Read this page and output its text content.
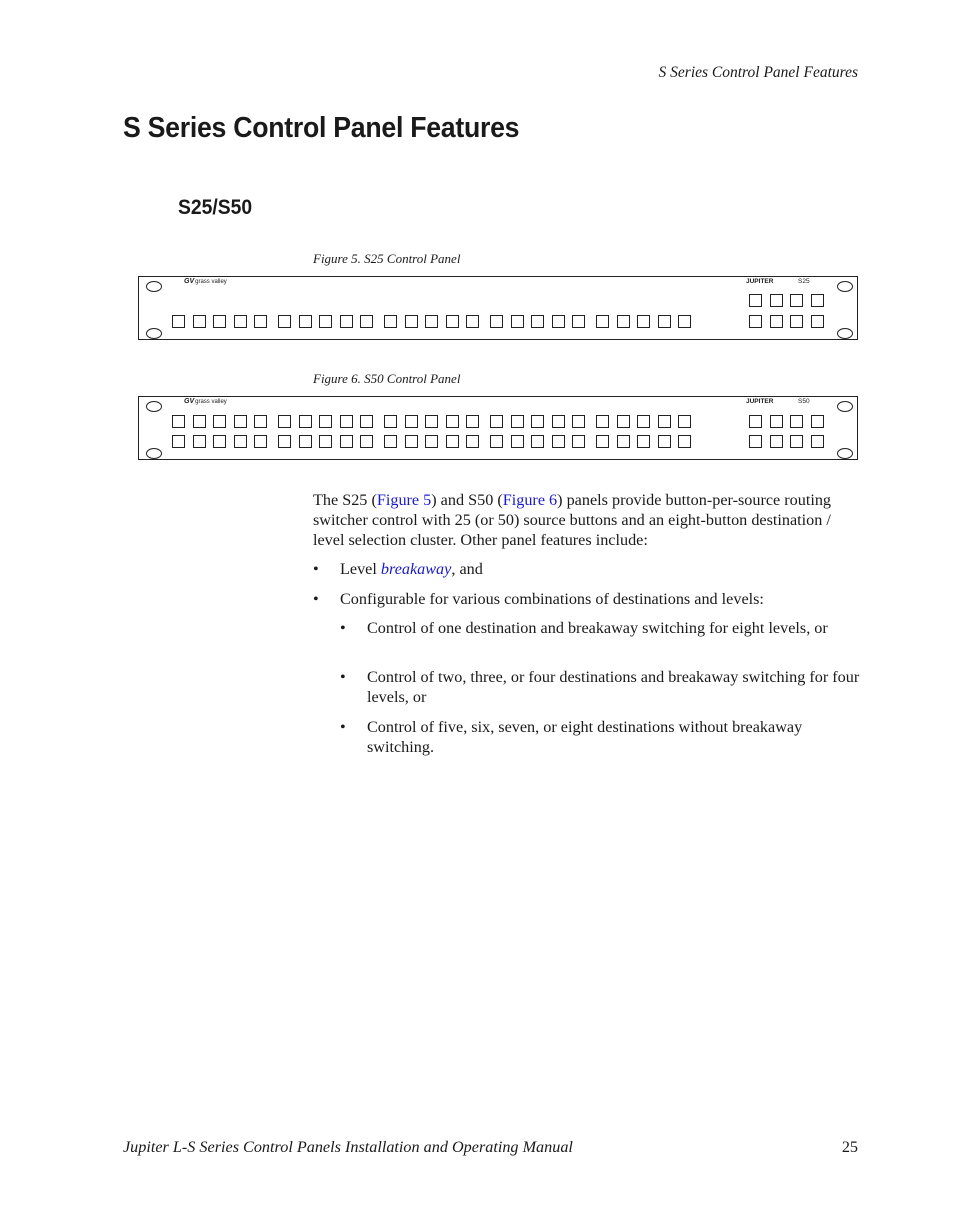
S Series Control Panel Features
S Series Control Panel Features
S25/S50
Figure 5. S25 Control Panel
GVgrass valley	JUPITER	S25
Figure 6. S50 Control Panel
GVgrass valley	JUPITER	S50
The S25 (Figure 5) and S50 (Figure 6) panels provide button-per-source routing switcher control with 25 (or 50) source buttons and an eight-button destination / level selection cluster. Other panel features include:
• Level breakaway, and
• Configurable for various combinations of destinations and levels:
• Control of one destination and breakaway switching for eight levels, or
• Control of two, three, or four destinations and breakaway switching for four levels, or
• Control of five, six, seven, or eight destinations without breakaway switching.
Jupiter L-S Series Control Panels Installation and Operating Manual	25
